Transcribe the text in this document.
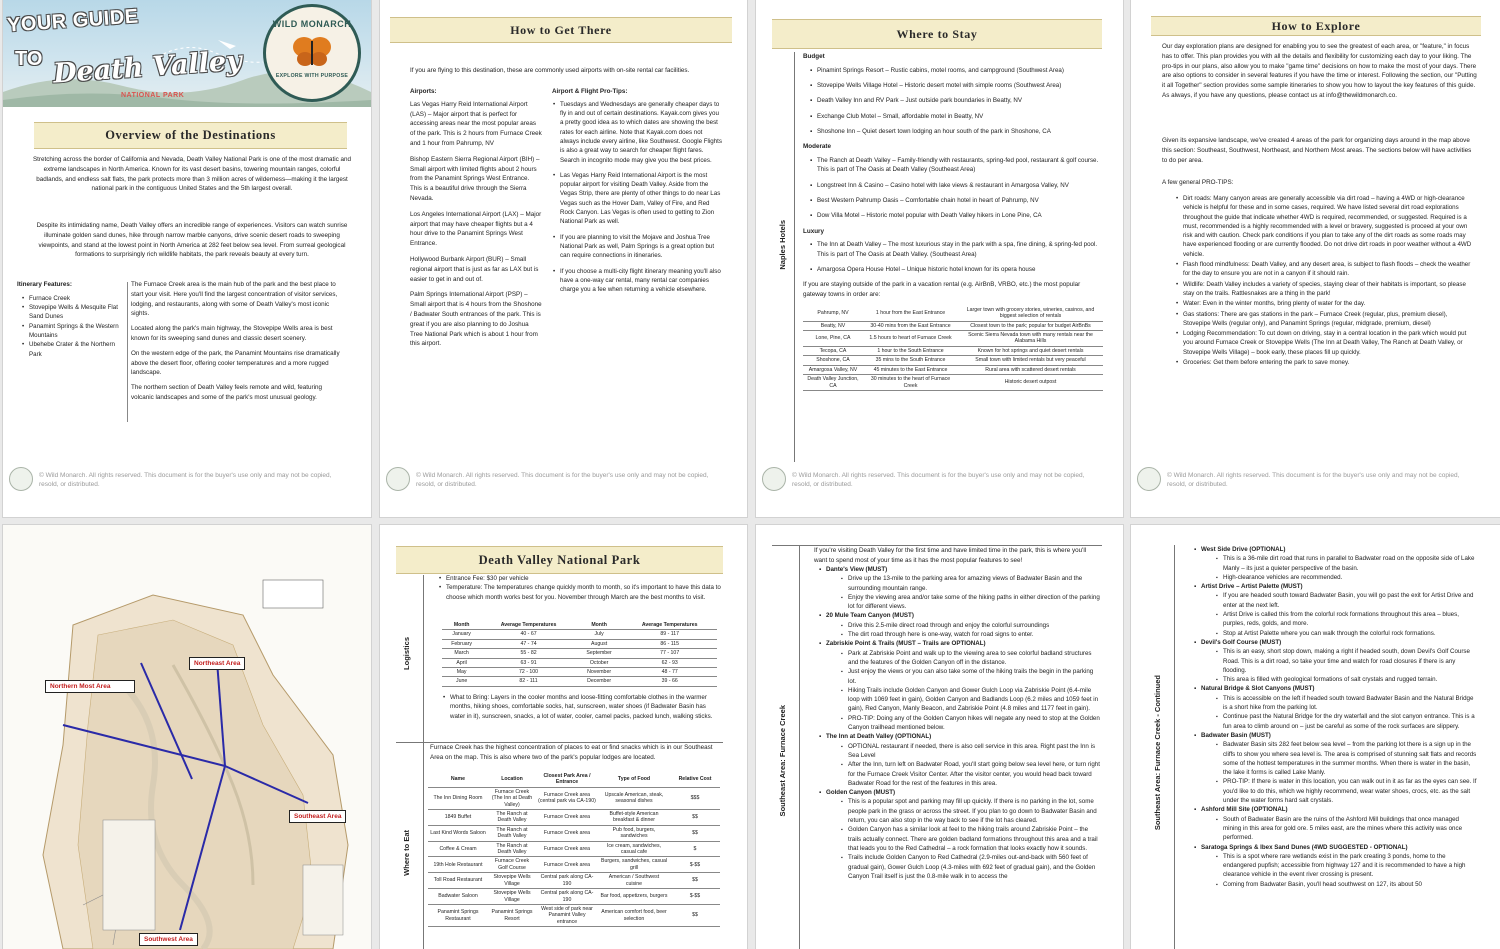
YOUR GUIDE
TO Death Valley
NATIONAL PARK
WILD MONARCH
EXPLORE WITH PURPOSE
Overview of the Destinations

Stretching across the border of California and Nevada, Death Valley National Park is one of the most dramatic and extreme landscapes in North America. Known for its vast desert basins, towering mountain ranges, colorful badlands, and endless salt flats, the park protects more than 3 million acres of wilderness—making it the largest national park in the contiguous United States and the 5th largest overall.

Despite its intimidating name, Death Valley offers an incredible range of experiences. Visitors can watch sunrise illuminate golden sand dunes, hike through narrow marble canyons, drive scenic desert roads to sweeping viewpoints, and stand at the lowest point in North America at 282 feet below sea level. From surreal geological formations to surprisingly rich wildlife habitats, the park reveals beauty at every turn.

Itinerary Features:
• Furnace Creek
• Stovepipe Wells & Mesquite Flat Sand Dunes
• Panamint Springs & the Western Mountains
• Ubehebe Crater & the Northern Park

The Furnace Creek area is the main hub of the park and the best place to start your visit. Here you'll find the largest concentration of visitor services, lodging, and restaurants, along with some of Death Valley's most iconic sights.

Located along the park's main highway, the Stovepipe Wells area is best known for its sweeping sand dunes and classic desert scenery.

On the western edge of the park, the Panamint Mountains rise dramatically above the desert floor, offering cooler temperatures and a more rugged landscape.

The northern section of Death Valley feels remote and wild, featuring volcanic landscapes and some of the park's most unusual geology.

© Wild Monarch. All rights reserved. This document is for the buyer's use only and may not be copied, resold, or distributed.
How to Get There

If you are flying to this destination, these are commonly used airports with on-site rental car facilities.

Airports:

Las Vegas Harry Reid International Airport (LAS) – Major airport that is perfect for accessing areas near the most popular areas of the park. This is 2 hours from Furnace Creek and 1 hour from Pahrump, NV

Bishop Eastern Sierra Regional Airport (BIH) – Small airport with limited flights about 2 hours from the Panamint Springs West Entrance. This is a beautiful drive through the Sierra Nevada.

Los Angeles International Airport (LAX) – Major airport that may have cheaper flights but a 4 hour drive to the Panamint Springs West Entrance.

Hollywood Burbank Airport (BUR) – Small regional airport that is just as far as LAX but is easier to get in and out of.

Palm Springs International Airport (PSP) – Small airport that is 4 hours from the Shoshone / Badwater South entrances of the park. This is great if you are also planning to do Joshua Tree National Park which is about 1 hour from this airport.

Airport & Flight Pro-Tips:
• Tuesdays and Wednesdays are generally cheaper days to fly in and out of certain destinations. Kayak.com gives you a pretty good idea as to which dates are showing the best rates for each airline. Note that Kayak.com does not always include every airline, like Southwest. Google Flights is also a great way to search for cheaper flight fares. Search in incognito mode may give you the best prices.
• Las Vegas Harry Reid International Airport is the most popular airport for visiting Death Valley. Aside from the Vegas Strip, there are plenty of other things to do near Las Vegas such as the Hover Dam, Valley of Fire, and Red Rock Canyon. Las Vegas is often used to getting to Zion National Park as well.
• If you are planning to visit the Mojave and Joshua Tree National Park as well, Palm Springs is a great option but can require connections in itineraries.
• If you choose a multi-city flight itinerary meaning you'll also have a one-way car rental, many rental car companies charge you a fee when returning a vehicle elsewhere.
© Wild Monarch. All rights reserved. This document is for the buyer's use only and may not be copied, resold, or distributed.
Where to Stay
Naples Hotels
Budget
▪ Pinamint Springs Resort – Rustic cabins, motel rooms, and campground (Southwest Area)
▪ Stovepipe Wells Village Hotel – Historic desert motel with simple rooms (Southwest Area)
▪ Death Valley Inn and RV Park – Just outside park boundaries in Beatty, NV
▪ Exchange Club Motel – Small, affordable motel in Beatty, NV
▪ Shoshone Inn – Quiet desert town lodging an hour south of the park in Shoshone, CA
Moderate
▪ The Ranch at Death Valley – Family-friendly with restaurants, spring-fed pool, restaurant & golf course. This is part of The Oasis at Death Valley (Southeast Area)
▪ Longstreet Inn & Casino – Casino hotel with lake views & restaurant in Amargosa Valley, NV
▪ Best Western Pahrump Oasis – Comfortable chain hotel in heart of Pahrump, NV
▪ Dow Villa Motel – Historic motel popular with Death Valley hikers in Lone Pine, CA
Luxury
▪ The Inn at Death Valley – The most luxurious stay in the park with a spa, fine dining, & spring-fed pool. This is part of The Oasis at Death Valley. (Southeast Area)
▪ Amargosa Opera House Hotel – Unique historic hotel known for its opera house

If you are staying outside of the park in a vacation rental (e.g. AirBnB, VRBO, etc.) the most popular gateway towns in order are:

Pahrump, NV	1 hour from the East Entrance	Larger town with grocery stories, wineries, casinos, and biggest selection of rentals
Beatty, NV	30-40 mins from the East Entrance	Closest town to the park; popular for budget AirBnBs
Lone, Pine, CA	1.5 hours to heart of Furnace Creek	Scenic Sierra Nevada town with many rentals near the Alabama Hills
Tecopa, CA	1 hour to the South Entrance	Known for hot springs and quiet desert rentals
Shoshone, CA	35 mins to the South Entrance	Small town with limited rentals but very peaceful
Amargosa Valley, NV	45 minutes to the East Entrance	Rural area with scattered desert rentals
Death Valley Junction, CA	30 minutes to the heart of Furnace Creek	Historic desert outpost
© Wild Monarch. All rights reserved. This document is for the buyer's use only and may not be copied, resold, or distributed.
How to Explore

Our day exploration plans are designed for enabling you to see the greatest of each area, or "feature," in focus has to offer. This plan provides you with all the details and flexibility for customizing each day to your liking. The pro-tips in our plans, also allow you to make "game time" decisions on how to make the most of your days. There are also options to consider in several features if you have the time or interest. Following the section, our "Putting it all Together" section provides some sample itineraries to show you how to layout the key features of this guide. As always, if you have any questions, please contact us at info@thewildmonarch.co.

Given its expansive landscape, we've created 4 areas of the park for organizing days around in the map above this section: Southeast, Southwest, Northeast, and Northern Most areas. The sections below will have activities to do per area.

A few general PRO-TIPS:
• Dirt roads: Many canyon areas are generally accessible via dirt road – having a 4WD or high-clearance vehicle is helpful for these and in some cases, required. We have listed several dirt road explorations throughout the guide that indicate whether 4WD is required, recommended, or suggested. Required is a must, recommended is a highly recommended with a level or bravery, suggested is proceed at your own risk and with caution. Check park conditions if you plan to take any of the dirt roads as some roads may have experienced flooding or are currently flooded. Do not drive dirt roads in poor weather without a 4WD vehicle.
• Flash flood mindfulness: Death Valley, and any desert area, is subject to flash floods – check the weather for the day to ensure you are not in a canyon if it should rain.
• Wildlife: Death Valley includes a variety of species, staying clear of their habitats is important, so please stay on the trails. Rattlesnakes are a thing in the park!
• Water: Even in the winter months, bring plenty of water for the day.
• Gas stations: There are gas stations in the park – Furnace Creek (regular, plus, premium diesel), Stovepipe Wells (regular only), and Panamint Springs (regular, midgrade, premium, diesel)
• Lodging Recommendation: To cut down on driving, stay in a central location in the park which would put you around Furnace Creek or Stovepipe Wells (The Inn at Death Valley, The Ranch at Death Valley, or Stovepipe Wells Village) – book early, these places fill up quickly.
• Groceries: Get them before entering the park to save money.
© Wild Monarch. All rights reserved. This document is for the buyer's use only and may not be copied, resold, or distributed.
Northern Most Area
Northeast Area
Southeast Area
Southwest Area
Death Valley National Park
Logistics
Where to Eat
• Entrance Fee: $30 per vehicle
• Temperature: The temperatures change quickly month to month, so it's important to have this data to choose which month works best for you. November through March are the best months to visit.
Month	Average Temperatures	Month	Average Temperatures
January	40 - 67	July	89 - 117
February	47 - 74	August	86 - 115
March	55 - 82	September	77 - 107
April	63 - 91	October	62 - 93
May	72 - 100	November	48 - 77
June	82 - 111	December	39 - 66
• What to Bring: Layers in the cooler months and loose-fitting comfortable clothes in the warmer months, hiking shoes, comfortable socks, hat, sunscreen, water shoes (if Badwater Basin has water in it), sunscreen, snacks, a lot of water, cooler, camel packs, packed lunch, walking sticks.

Furnace Creek has the highest concentration of places to eat or find snacks which is in our Southeast Area on the map. This is also where two of the park's popular lodges are located.

Name	Location	Closest Park Area / Entrance	Type of Food	Relative Cost
The Inn Dining Room	Furnace Creek (The Inn at Death Valley)	Furnace Creek area (central park via CA-190)	Upscale American, steak, seasonal dishes	$$$
1849 Buffet	The Ranch at Death Valley	Furnace Creek area	Buffet-style American breakfast & dinner	$$
Last Kind Words Saloon	The Ranch at Death Valley	Furnace Creek area	Pub food, burgers, sandwiches	$$
Coffee & Cream	The Ranch at Death Valley	Furnace Creek area	Ice cream, sandwiches, casual cafe	$
19th Hole Restaurant	Furnace Creek Golf Course	Furnace Creek area	Burgers, sandwiches, casual grill	$-$$
Toll Road Restaurant	Stovepipe Wells Village	Central park along CA-190	American / Southwest cuisine	$$
Badwater Saloon	Stovepipe Wells Village	Central park along CA-190	Bar food, appetizers, burgers	$-$$
Panamint Springs Restaurant	Panamint Springs Resort	West side of park near Panamint Valley entrance	American comfort food, beer selection	$$
Southeast Area: Furnace Creek

If you're visiting Death Valley for the first time and have limited time in the park, this is where you'll want to spend most of your time as it has the most popular features to see!

▪ Dante's View (MUST)
▪ Drive up the 13-mile to the parking area for amazing views of Badwater Basin and the surrounding mountain range.
▪ Enjoy the viewing area and/or take some of the hiking paths in either direction of the parking lot for different views.
▪ 20 Mule Team Canyon (MUST)
▪ Drive this 2.5-mile direct road through and enjoy the colorful surroundings
▪ The dirt road through here is one-way, watch for road signs to enter.
▪ Zabriskie Point & Trails (MUST – Trails are OPTIONAL)
▪ Park at Zabriskie Point and walk up to the viewing area to see colorful badland structures and the features of the Golden Canyon off in the distance.
▪ Just enjoy the views or you can also take some of the hiking trails the begin in the parking lot.
▪ Hiking Trails include Golden Canyon and Gower Gulch Loop via Zabriskie Point (6.4-mile loop with 1069 feet in gain), Golden Canyon and Badlands Loop (6.2 miles and 1059 feet in gain), Red Canyon, Manly Beacon, and Zabriskie Point (4.8 miles and 1177 feet in gain).
▪ PRO-TIP: Doing any of the Golden Canyon hikes will negate any need to stop at the Golden Canyon trailhead mentioned below.
▪ The Inn at Death Valley (OPTIONAL)
▪ OPTIONAL restaurant if needed, there is also cell service in this area. Right past the Inn is Sea Level
▪ After the Inn, turn left on Badwater Road, you'll start going below sea level here, or turn right for the Furnace Creek Visitor Center. After the visitor center, you would head back toward Badwater Road for the rest of the features in this area.
▪ Golden Canyon (MUST)
▪ This is a popular spot and parking may fill up quickly. If there is no parking in the lot, some people park in the grass or across the street. If you plan to go down to Badwater Basin and return, you can also stop in the way back to see if the lot has cleared.
▪ Golden Canyon has a similar look at feel to the hiking trails around Zabriskie Point – the trails actually connect. There are golden badland formations throughout this area and a trail that leads you to the Red Cathedral – a rock formation that looks exactly how it sounds.
▪ Trails include Golden Canyon to Red Cathedral (2.9-miles out-and-back with 560 feet of gradual gain), Gower Gulch Loop (4.3-miles with 692 feet of gradual gain), and the Golden Canyon Trail itself is just the 0.8-mile walk in to access the
Southeast Area: Furnace Creek - Continued
▪ West Side Drive (OPTIONAL)
▪ This is a 36-mile dirt road that runs in parallel to Badwater road on the opposite side of Lake Manly – its just a quieter perspective of the basin.
▪ High-clearance vehicles are recommended.
▪ Artist Drive – Artist Palette (MUST)
▪ If you are headed south toward Badwater Basin, you will go past the exit for Artist Drive and enter at the next left.
▪ Artist Drive is called this from the colorful rock formations throughout this area – blues, purples, reds, golds, and more.
▪ Stop at Artist Palette where you can walk through the colorful rock formations.
▪ Devil's Golf Course (MUST)
▪ This is an easy, short stop down, making a right if headed south, down Devil's Golf Course Road. This is a dirt road, so take your time and watch for road closures if there is any flooding.
▪ This area is filled with geological formations of salt crystals and rugged terrain.
▪ Natural Bridge & Slot Canyons (MUST)
▪ This is accessible on the left if headed south toward Badwater Basin and the Natural Bridge is a short hike from the parking lot.
▪ Continue past the Natural Bridge for the dry waterfall and the slot canyon entrance. This is a fun area to climb around on – just be careful as some of the rock surfaces are slippery.
▪ Badwater Basin (MUST)
▪ Badwater Basin sits 282 feet below sea level – from the parking lot there is a sign up in the cliffs to show you where sea level is. The area is comprised of stunning salt flats and records some of the hottest temperatures in the summer months. When there is water in the basin, the lake it forms is called Lake Manly.
▪ PRO-TIP: If there is water in this location, you can walk out in it as far as the eyes can see. If you'd like to do this, which we highly recommend, wear water shoes, crocs, etc. as the salt under the water forms hard salt crystals.
▪ Ashford Mill Site (OPTIONAL)
▪ South of Badwater Basin are the ruins of the Ashford Mill buildings that once managed mining in this area for gold ore. 5 miles east, are the mines where this activity was once performed.
▪ Saratoga Springs & Ibex Sand Dunes (4WD SUGGESTED - OPTIONAL)
▪ This is a spot where rare wetlands exist in the park creating 3 ponds, home to the endangered pupfish; accessible from highway 127 and it is recommended to have a high clearance vehicle in the event river crossing is present.
▪ Coming from Badwater Basin, you'll head southwest on 127, its about 50
